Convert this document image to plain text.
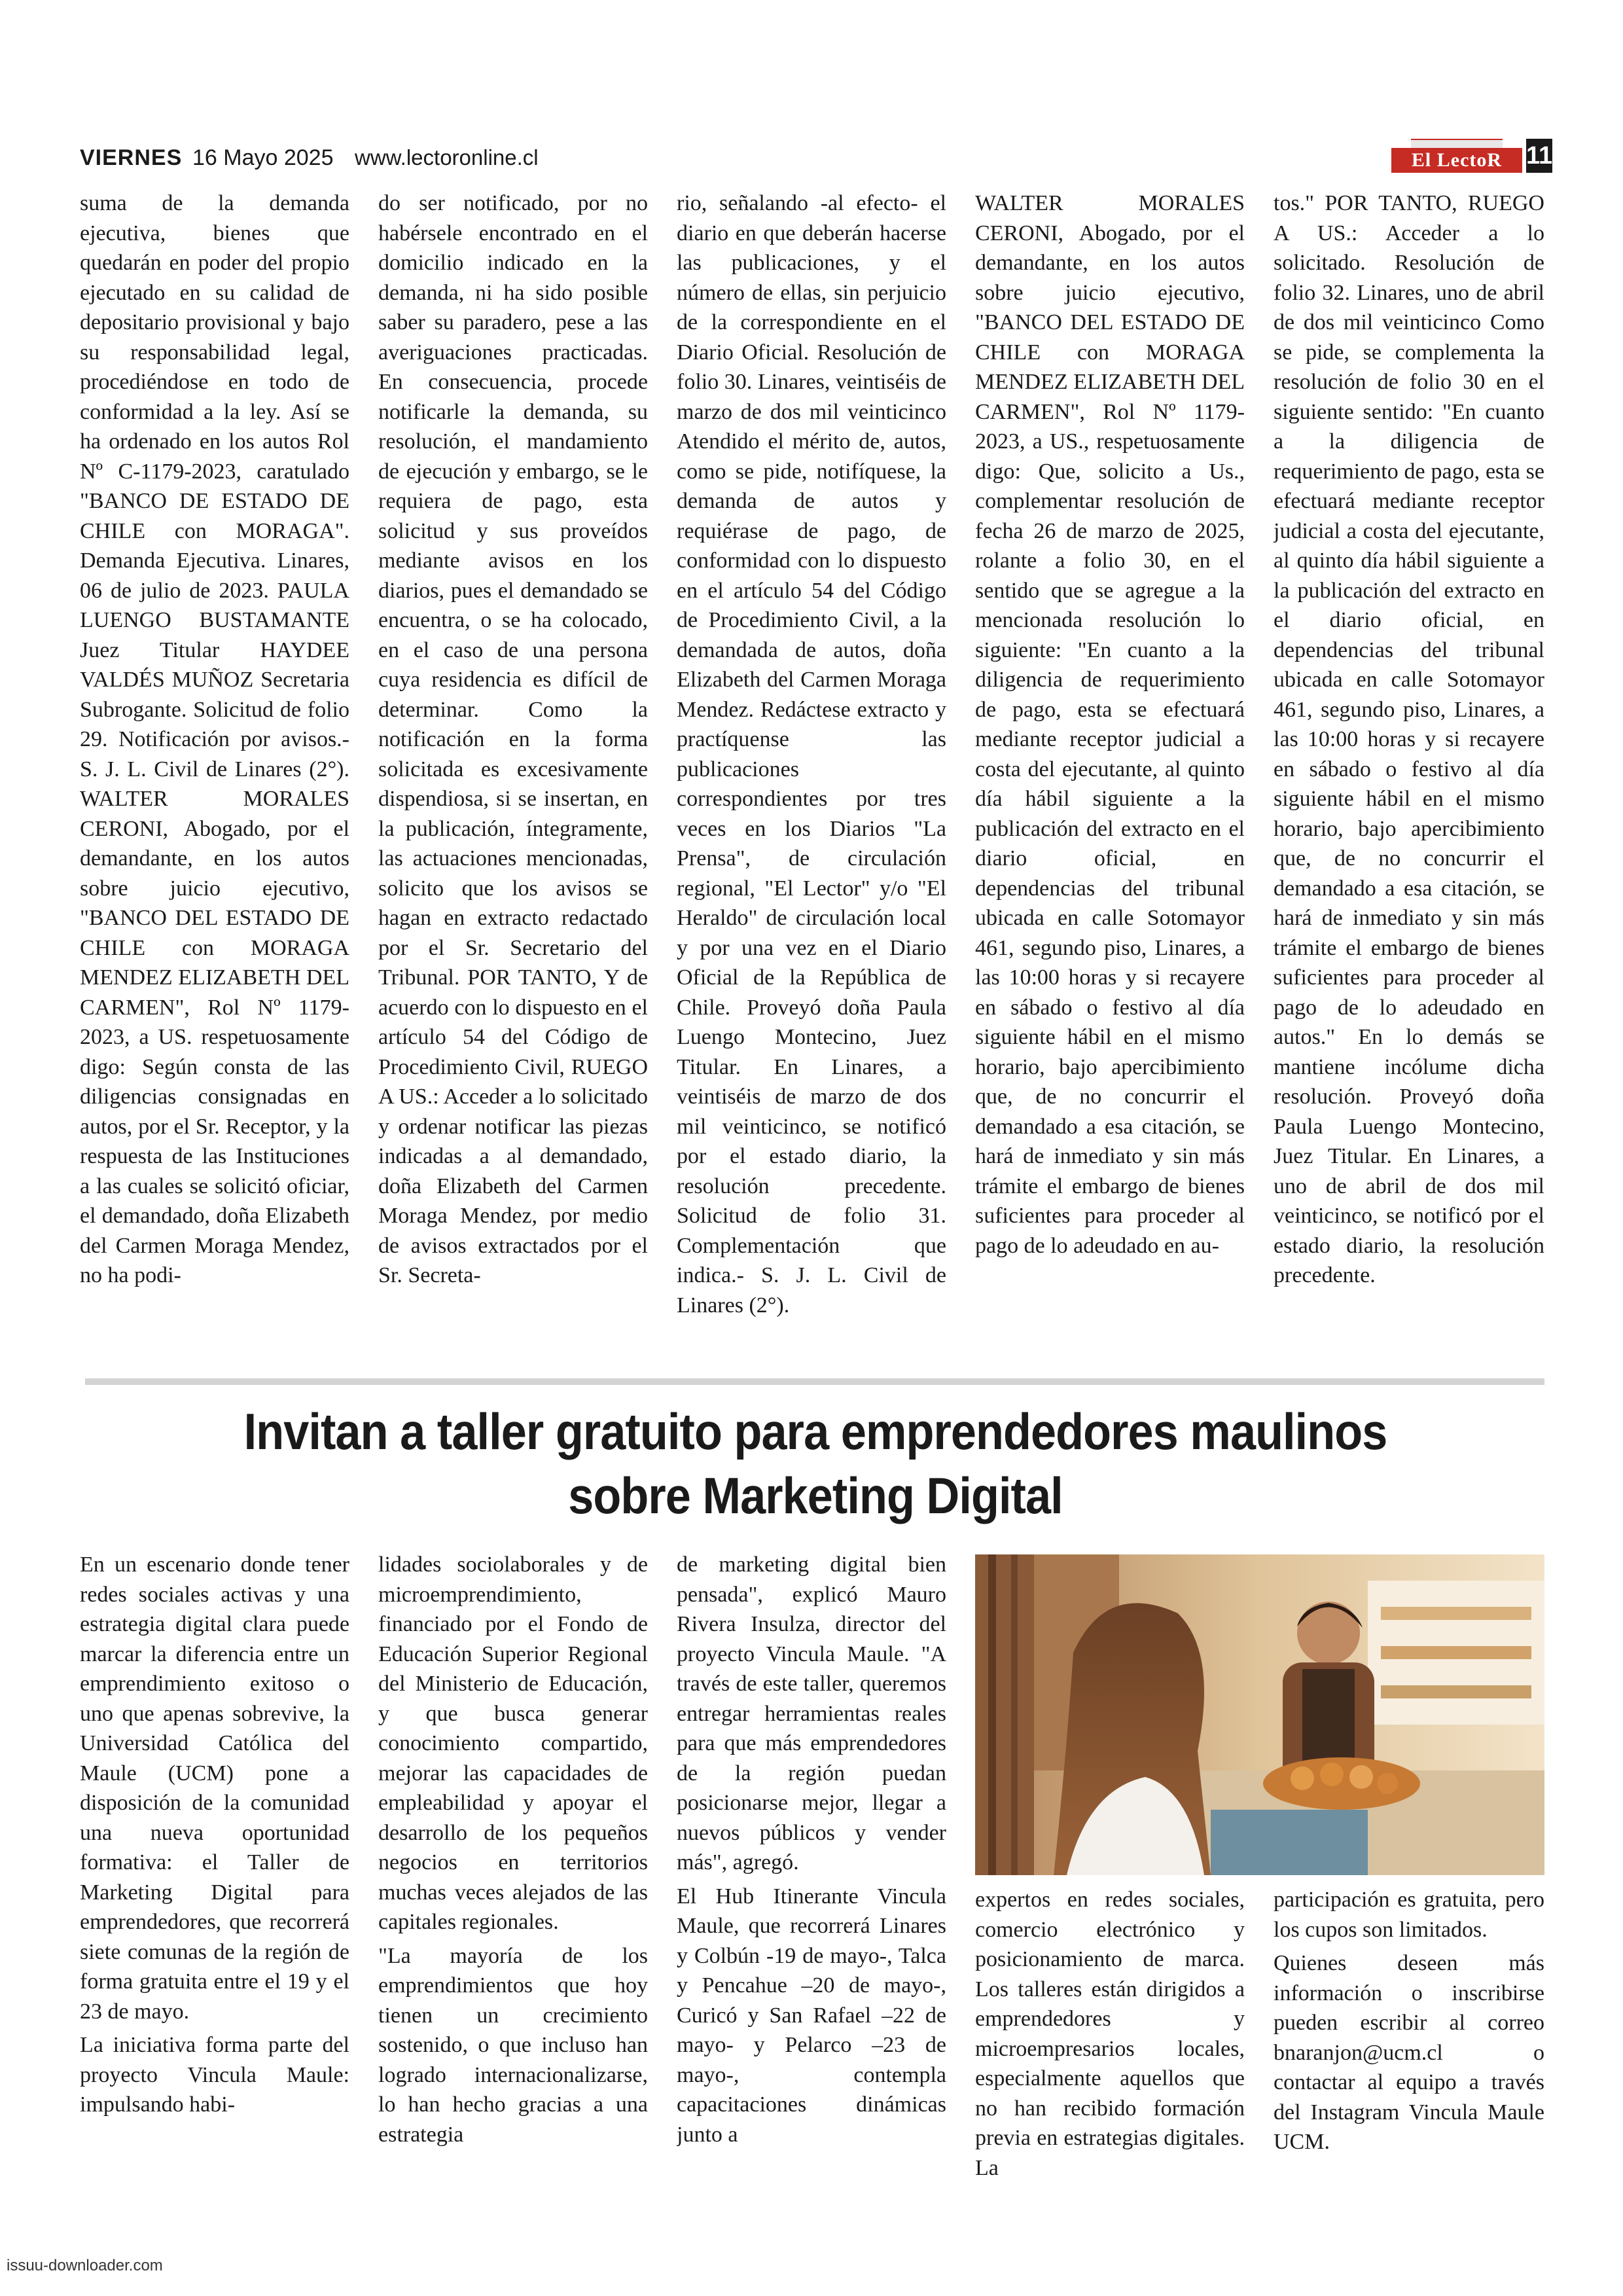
VIERNES 16 Mayo 2025 www.lectoronline.cl	El LectoR 11

suma de la demanda ejecutiva, bienes que quedarán en poder del propio ejecutado en su calidad de depositario provisional y bajo su responsabilidad legal, procediéndose en todo de conformidad a la ley. Así se ha ordenado en los autos Rol Nº C-1179-2023, caratulado "BANCO DE ESTADO DE CHILE con MORAGA". Demanda Ejecutiva. Linares, 06 de julio de 2023. PAULA LUENGO BUSTAMANTE Juez Titular HAYDEE VALDÉS MUÑOZ Secretaria Subrogante. Solicitud de folio 29. Notificación por avisos.- S. J. L. Civil de Linares (2°). WALTER MORALES CERONI, Abogado, por el demandante, en los autos sobre juicio ejecutivo, "BANCO DEL ESTADO DE CHILE con MORAGA MENDEZ ELIZABETH DEL CARMEN", Rol Nº 1179- 2023, a US. respetuosamente digo: Según consta de las diligencias consignadas en autos, por el Sr. Receptor, y la respuesta de las Instituciones a las cuales se solicitó oficiar, el demandado, doña Elizabeth del Carmen Moraga Mendez, no ha podi-

do ser notificado, por no habérsele encontrado en el domicilio indicado en la demanda, ni ha sido posible saber su paradero, pese a las averiguaciones practicadas. En consecuencia, procede notificarle la demanda, su resolución, el mandamiento de ejecución y embargo, se le requiera de pago, esta solicitud y sus proveídos mediante avisos en los diarios, pues el demandado se encuentra, o se ha colocado, en el caso de una persona cuya residencia es difícil de determinar. Como la notificación en la forma solicitada es excesivamente dispendiosa, si se insertan, en la publicación, íntegramente, las actuaciones mencionadas, solicito que los avisos se hagan en extracto redactado por el Sr. Secretario del Tribunal. POR TANTO, Y de acuerdo con lo dispuesto en el artículo 54 del Código de Procedimiento Civil, RUEGO A US.: Acceder a lo solicitado y ordenar notificar las piezas indicadas a al demandado, doña Elizabeth del Carmen Moraga Mendez, por medio de avisos extractados por el Sr. Secreta-

rio, señalando -al efecto- el diario en que deberán hacerse las publicaciones, y el número de ellas, sin perjuicio de la correspondiente en el Diario Oficial. Resolución de folio 30. Linares, veintiséis de marzo de dos mil veinticinco Atendido el mérito de, autos, como se pide, notifíquese, la demanda de autos y requiérase de pago, de conformidad con lo dispuesto en el artículo 54 del Código de Procedimiento Civil, a la demandada de autos, doña Elizabeth del Carmen Moraga Mendez. Redáctese extracto y practíquense las publicaciones correspondientes por tres veces en los Diarios "La Prensa", de circulación regional, "El Lector" y/o "El Heraldo" de circulación local y por una vez en el Diario Oficial de la República de Chile. Proveyó doña Paula Luengo Montecino, Juez Titular. En Linares, a veintiséis de marzo de dos mil veinticinco, se notificó por el estado diario, la resolución precedente. Solicitud de folio 31. Complementación que indica.- S. J. L. Civil de Linares (2°).

WALTER MORALES CERONI, Abogado, por el demandante, en los autos sobre juicio ejecutivo, "BANCO DEL ESTADO DE CHILE con MORAGA MENDEZ ELIZABETH DEL CARMEN", Rol Nº 1179-2023, a US., respetuosamente digo: Que, solicito a Us., complementar resolución de fecha 26 de marzo de 2025, rolante a folio 30, en el sentido que se agregue a la mencionada resolución lo siguiente: "En cuanto a la diligencia de requerimiento de pago, esta se efectuará mediante receptor judicial a costa del ejecutante, al quinto día hábil siguiente a la publicación del extracto en el diario oficial, en dependencias del tribunal ubicada en calle Sotomayor 461, segundo piso, Linares, a las 10:00 horas y si recayere en sábado o festivo al día siguiente hábil en el mismo horario, bajo apercibimiento que, de no concurrir el demandado a esa citación, se hará de inmediato y sin más trámite el embargo de bienes suficientes para proceder al pago de lo adeudado en au-

tos." POR TANTO, RUEGO A US.: Acceder a lo solicitado. Resolución de folio 32. Linares, uno de abril de dos mil veinticinco Como se pide, se complementa la resolución de folio 30 en el siguiente sentido: "En cuanto a la diligencia de requerimiento de pago, esta se efectuará mediante receptor judicial a costa del ejecutante, al quinto día hábil siguiente a la publicación del extracto en el diario oficial, en dependencias del tribunal ubicada en calle Sotomayor 461, segundo piso, Linares, a las 10:00 horas y si recayere en sábado o festivo al día siguiente hábil en el mismo horario, bajo apercibimiento que, de no concurrir el demandado a esa citación, se hará de inmediato y sin más trámite el embargo de bienes suficientes para proceder al pago de lo adeudado en autos." En lo demás se mantiene incólume dicha resolución. Proveyó doña Paula Luengo Montecino, Juez Titular. En Linares, a uno de abril de dos mil veinticinco, se notificó por el estado diario, la resolución precedente.

Invitan a taller gratuito para emprendedores maulinos
sobre Marketing Digital

En un escenario donde tener redes sociales activas y una estrategia digital clara puede marcar la diferencia entre un emprendimiento exitoso o uno que apenas sobrevive, la Universidad Católica del Maule (UCM) pone a disposición de la comunidad una nueva oportunidad formativa: el Taller de Marketing Digital para emprendedores, que recorrerá siete comunas de la región de forma gratuita entre el 19 y el 23 de mayo.

La iniciativa forma parte del proyecto Vincula Maule: impulsando habi-

lidades sociolaborales y de microemprendimiento, financiado por el Fondo de Educación Superior Regional del Ministerio de Educación, y que busca generar conocimiento compartido, mejorar las capacidades de empleabilidad y apoyar el desarrollo de los pequeños negocios en territorios muchas veces alejados de las capitales regionales.

"La mayoría de los emprendimientos que hoy tienen un crecimiento sostenido, o que incluso han logrado internacionalizarse, lo han hecho gracias a una estrategia

de marketing digital bien pensada", explicó Mauro Rivera Insulza, director del proyecto Vincula Maule. "A través de este taller, queremos entregar herramientas reales para que más emprendedores de la región puedan posicionarse mejor, llegar a nuevos públicos y vender más", agregó.

El Hub Itinerante Vincula Maule, que recorrerá Linares y Colbún -19 de mayo-, Talca y Pencahue –20 de mayo-, Curicó y San Rafael –22 de mayo- y Pelarco –23 de mayo-, contempla capacitaciones dinámicas junto a

expertos en redes sociales, comercio electrónico y posicionamiento de marca. Los talleres están dirigidos a emprendedores y microempresarios locales, especialmente aquellos que no han recibido formación previa en estrategias digitales. La

participación es gratuita, pero los cupos son limitados.

Quienes deseen más información o inscribirse pueden escribir al correo bnaranjon@ucm.cl o contactar al equipo a través del Instagram Vincula Maule UCM.

issuu-downloader.com
